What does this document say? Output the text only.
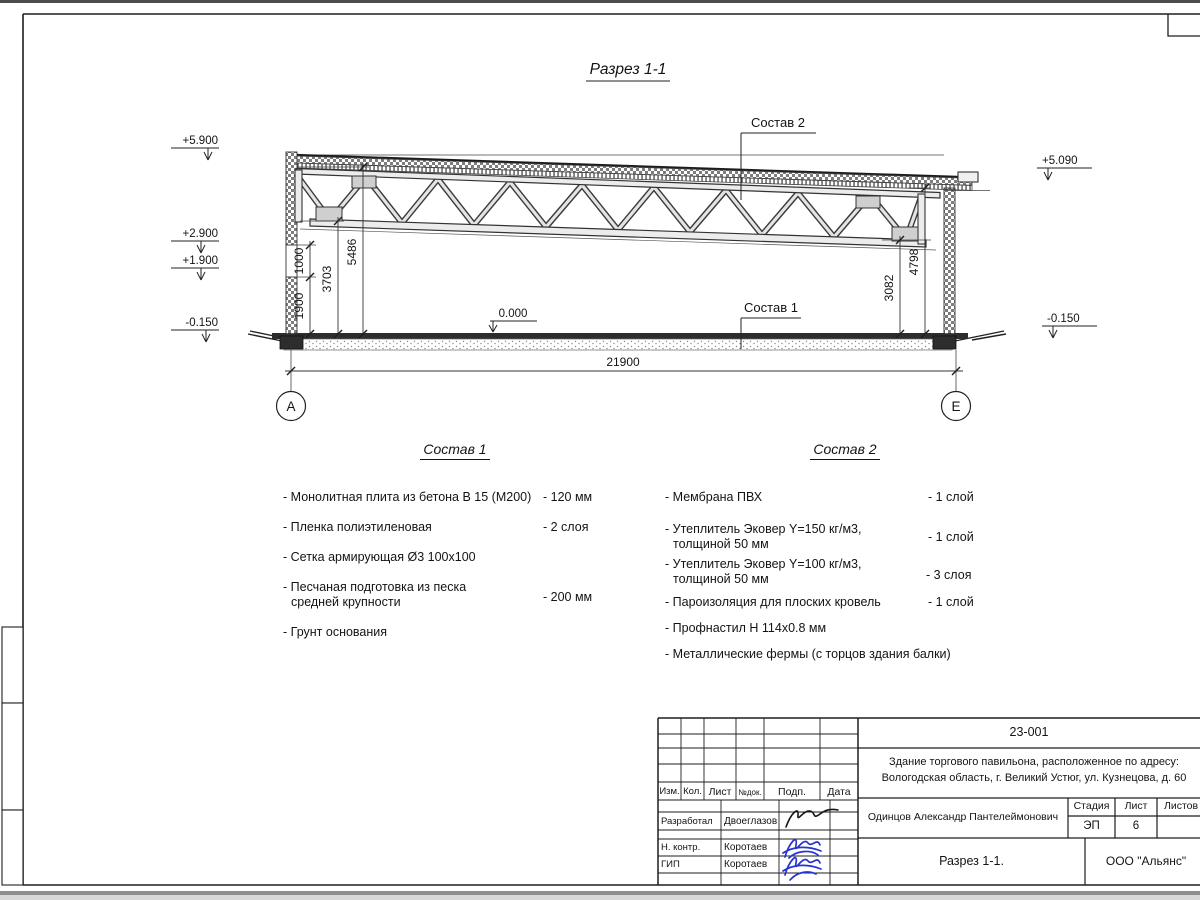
1900
1000
3703
5486
3082
4798
21900
+5.900
+2.900
+1.900
-0.150
+5.090
-0.150
0.000
Состав 2
Состав 1
А	Е
Разрез 1-1
Состав 1
- Монолитная плита из бетона В 15 (М200) - 120 мм
- Пленка полиэтиленовая	- 2 слоя
- Сетка армирующая Ø3 100x100
- Песчаная подготовка из песка
средней крупности	- 200 мм
- Грунт основания
Состав 2
- Мембрана ПВХ	- 1 слой
- Утеплитель Эковер Y=150 кг/м3,
толщиной 50 мм	- 1 слой
- Утеплитель Эковер Y=100 кг/м3,
толщиной 50 мм	- 3 слоя
- Пароизоляция для плоских кровель	- 1 слой
- Профнастил Н 114x0.8 мм
- Металлические фермы (с торцов здания балки)
23-001
Здание торгового павильона, расположенное по адресу:
Вологодская область, г. Великий Устюг, ул. Кузнецова, д. 60
Изм. Кол. Лист №док.	Подп.	Дата
Разработал Двоеглазов
Н. контр. Коротаев
ГИП	Коротаев
Одинцов Александр Пантелеймонович
Стадия	Лист	Листов
ЭП	6
Разрез 1-1.	ООО "Альянс"
